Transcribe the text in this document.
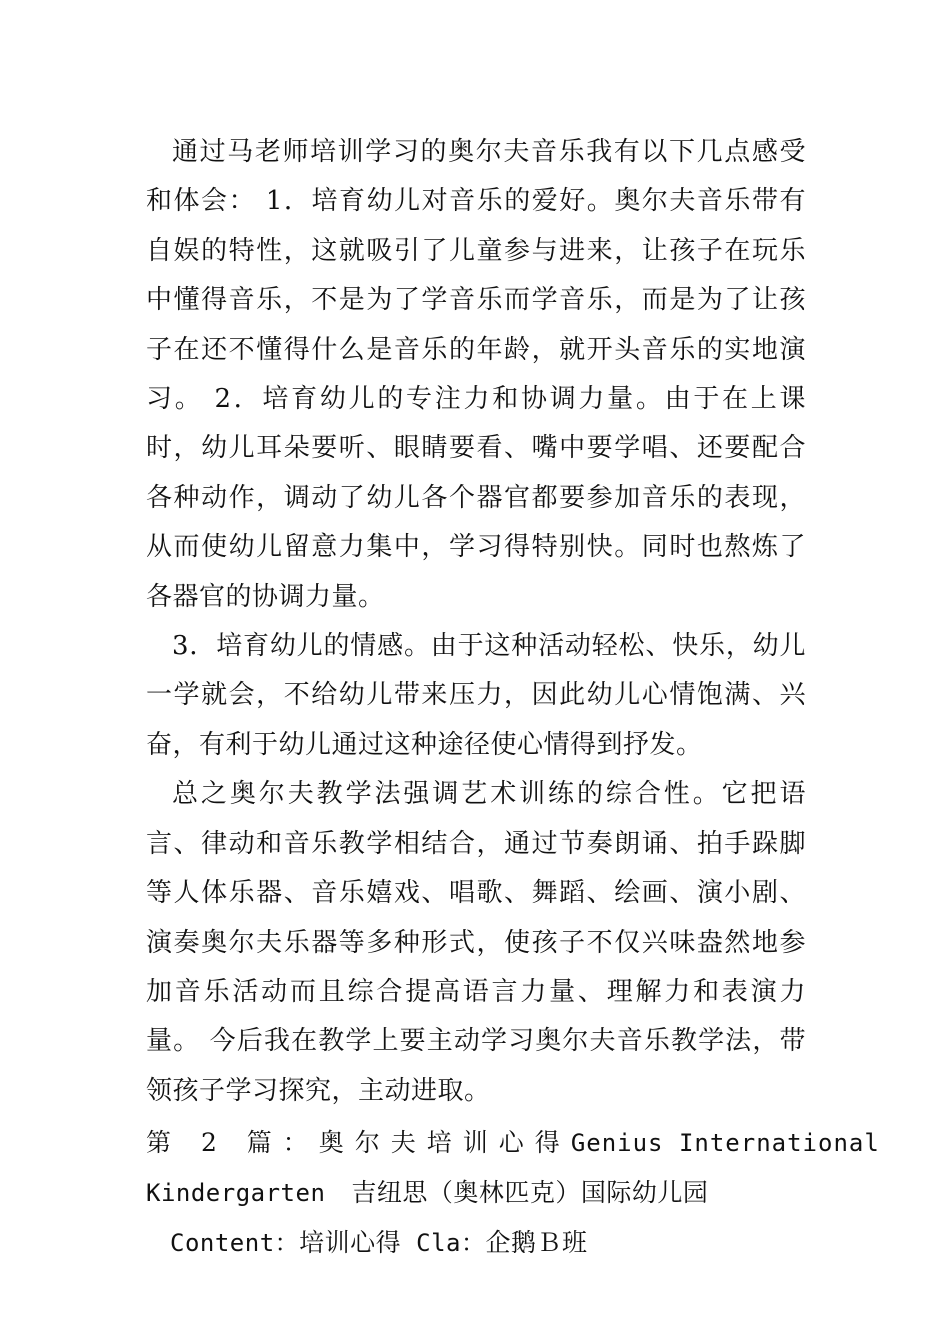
通过马老师培训学习的奥尔夫音乐我有以下几点感受和体会： 1．培育幼儿对音乐的爱好。奥尔夫音乐带有自娱的特性，这就吸引了儿童参与进来，让孩子在玩乐中懂得音乐，不是为了学音乐而学音乐，而是为了让孩子在还不懂得什么是音乐的年龄，就开头音乐的实地演习。 2．培育幼儿的专注力和协调力量。由于在上课时，幼儿耳朵要听、眼睛要看、嘴中要学唱、还要配合各种动作，调动了幼儿各个器官都要参加音乐的表现，从而使幼儿留意力集中，学习得特别快。同时也熬炼了各器官的协调力量。

3．培育幼儿的情感。由于这种活动轻松、快乐，幼儿一学就会，不给幼儿带来压力，因此幼儿心情饱满、兴奋，有利于幼儿通过这种途径使心情得到抒发。

总之奥尔夫教学法强调艺术训练的综合性。它把语言、律动和音乐教学相结合，通过节奏朗诵、拍手跺脚等人体乐器、音乐嬉戏、唱歌、舞蹈、绘画、演小剧、演奏奥尔夫乐器等多种形式，使孩子不仅兴味盎然地参加音乐活动而且综合提高语言力量、理解力和表演力量。 今后我在教学上要主动学习奥尔夫音乐教学法，带领孩子学习探究，主动进取。

第 2 篇：奥尔夫培训心得 Genius International
Kindergarten 吉纽思（奥林匹克）国际幼儿园
Content：培训心得 Cla：企鹅Ｂ班
